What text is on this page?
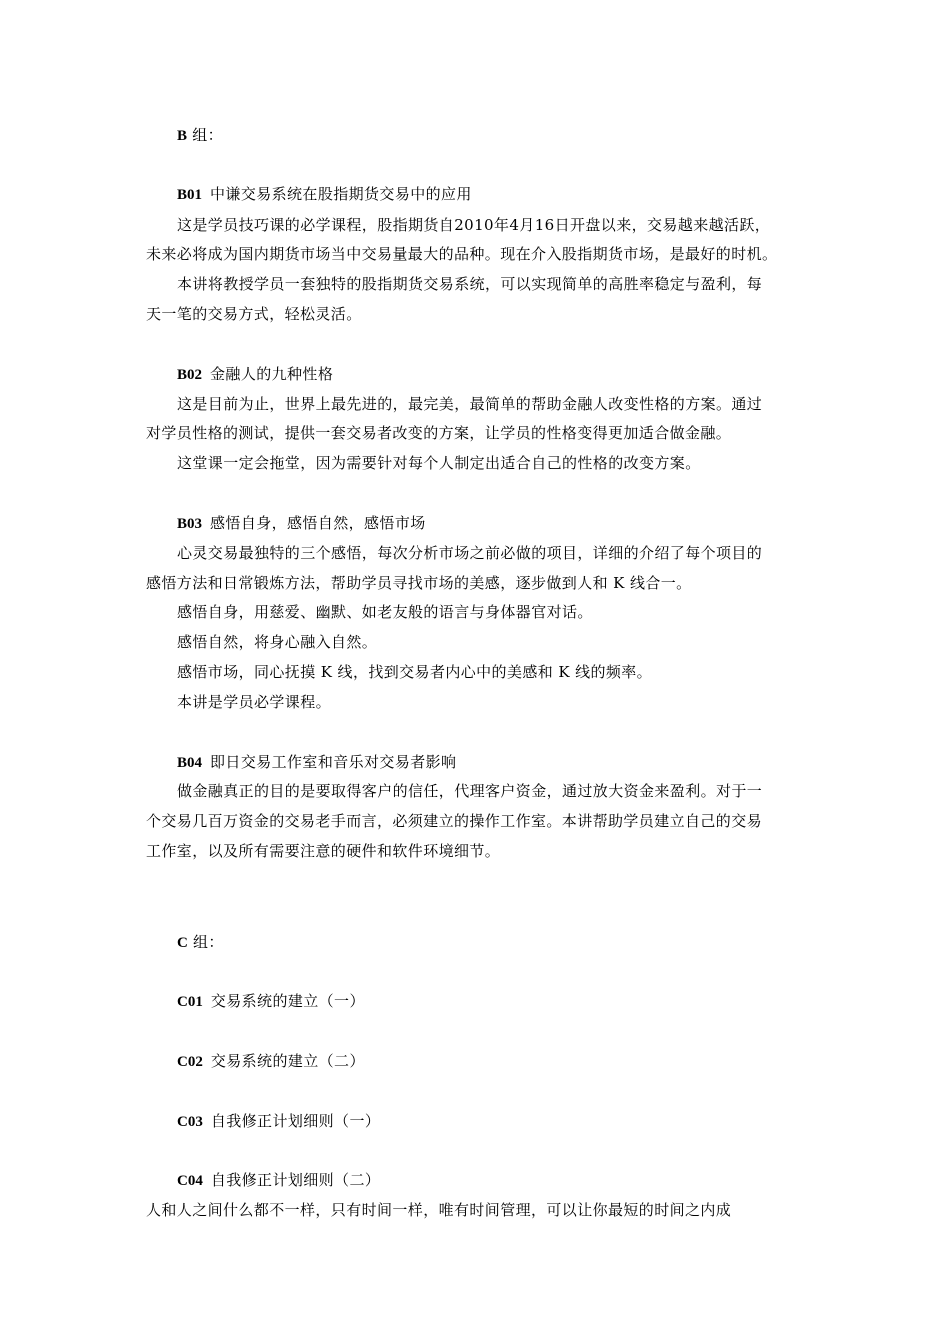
B 组：
B01 中谦交易系统在股指期货交易中的应用
这是学员技巧课的必学课程，股指期货自2010年4月16日开盘以来，交易越来越活跃，
未来必将成为国内期货市场当中交易量最大的品种。现在介入股指期货市场，是最好的时机。
本讲将教授学员一套独特的股指期货交易系统，可以实现简单的高胜率稳定与盈利，每
天一笔的交易方式，轻松灵活。
B02 金融人的九种性格
这是目前为止，世界上最先进的，最完美，最简单的帮助金融人改变性格的方案。通过
对学员性格的测试，提供一套交易者改变的方案，让学员的性格变得更加适合做金融。
这堂课一定会拖堂，因为需要针对每个人制定出适合自己的性格的改变方案。
B03 感悟自身，感悟自然，感悟市场
心灵交易最独特的三个感悟，每次分析市场之前必做的项目，详细的介绍了每个项目的
感悟方法和日常锻炼方法，帮助学员寻找市场的美感，逐步做到人和 K 线合一。
感悟自身，用慈爱、幽默、如老友般的语言与身体器官对话。
感悟自然，将身心融入自然。
感悟市场，同心抚摸 K 线，找到交易者内心中的美感和 K 线的频率。
本讲是学员必学课程。
B04 即日交易工作室和音乐对交易者影响
做金融真正的目的是要取得客户的信任，代理客户资金，通过放大资金来盈利。对于一
个交易几百万资金的交易老手而言，必须建立的操作工作室。本讲帮助学员建立自己的交易
工作室，以及所有需要注意的硬件和软件环境细节。
C 组：
C01 交易系统的建立（一）
C02 交易系统的建立（二）
C03 自我修正计划细则（一）
C04 自我修正计划细则（二）
人和人之间什么都不一样，只有时间一样，唯有时间管理，可以让你最短的时间之内成
